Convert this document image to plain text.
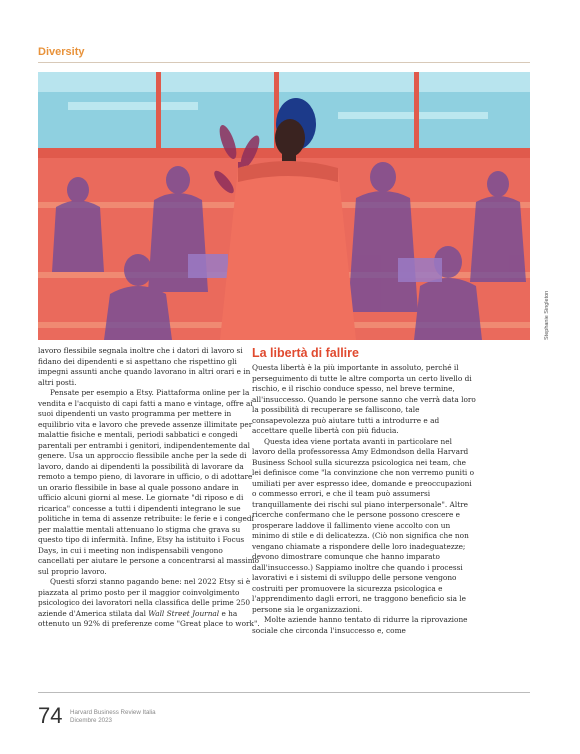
Diversity
Stephanie Singleton

lavoro flessibile segnala inoltre che i datori di lavoro si fidano dei dipendenti e si aspettano che rispettino gli impegni assunti anche quando lavorano in altri orari e in altri posti.

Pensate per esempio a Etsy. Piattaforma online per la vendita e l'acquisto di capi fatti a mano e vintage, offre ai suoi dipendenti un vasto programma per mettere in equilibrio vita e lavoro che prevede assenze illimitate per malattie fisiche e mentali, periodi sabbatici e congedi parentali per entrambi i genitori, indipendentemente dal genere. Usa un approccio flessibile anche per la sede di lavoro, dando ai dipendenti la possibilità di lavorare da remoto a tempo pieno, di lavorare in ufficio, o di adottare un orario flessibile in base al quale possono andare in ufficio alcuni giorni al mese. Le giornate "di riposo e di ricarica" concesse a tutti i dipendenti integrano le sue politiche in tema di assenze retribuite: le ferie e i congedi per malattie mentali attenuano lo stigma che grava su questo tipo di infermità. Infine, Etsy ha istituito i Focus Days, in cui i meeting non indispensabili vengono cancellati per aiutare le persone a concentrarsi al massimo sul proprio lavoro.

Questi sforzi stanno pagando bene: nel 2022 Etsy si è piazzata al primo posto per il maggior coinvolgimento psicologico dei lavoratori nella classifica delle prime 250 aziende d'America stilata dal Wall Street Journal e ha ottenuto un 92% di preferenze come "Great place to work".

La libertà di fallire

Questa libertà è la più importante in assoluto, perché il perseguimento di tutte le altre comporta un certo livello di rischio, e il rischio conduce spesso, nel breve termine, all'insuccesso. Quando le persone sanno che verrà data loro la possibilità di recuperare se falliscono, tale consapevolezza può aiutare tutti a introdurre e ad accettare quelle libertà con più fiducia.

Questa idea viene portata avanti in particolare nel lavoro della professoressa Amy Edmondson della Harvard Business School sulla sicurezza psicologica nei team, che lei definisce come "la convinzione che non verremo puniti o umiliati per aver espresso idee, domande e preoccupazioni o commesso errori, e che il team può assumersi tranquillamente dei rischi sul piano interpersonale". Altre ricerche confermano che le persone possono crescere e prosperare laddove il fallimento viene accolto con un minimo di stile e di delicatezza. (Ciò non significa che non vengano chiamate a rispondere delle loro inadeguatezze; devono dimostrare comunque che hanno imparato dall'insuccesso.) Sappiamo inoltre che quando i processi lavorativi e i sistemi di sviluppo delle persone vengono costruiti per promuovere la sicurezza psicologica e l'apprendimento dagli errori, ne traggono beneficio sia le persone sia le organizzazioni.

Molte aziende hanno tentato di ridurre la riprovazione sociale che circonda l'insuccesso e, come

74 Harvard Business Review Italia
Dicembre 2023
